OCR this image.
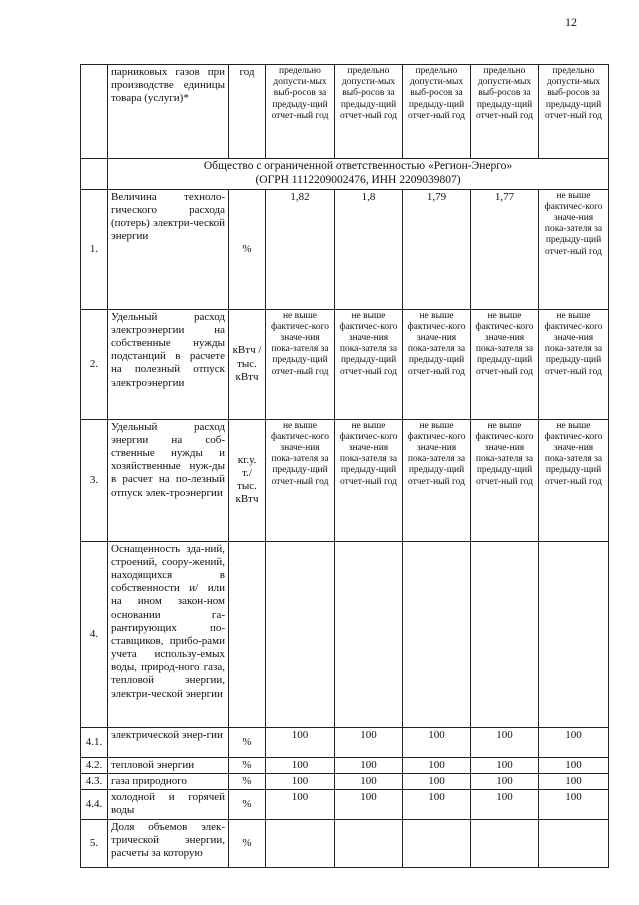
12
	парниковых газов при производстве единицы товара (услуги)*	год	предельно допусти-мых выб-росов за предыду-щий отчет-ный год	предельно допусти-мых выб-росов за предыду-щий отчет-ный год	предельно допусти-мых выб-росов за предыду-щий отчет-ный год	предельно допусти-мых выб-росов за предыду-щий отчет-ный год	предельно допусти-мых выб-росов за предыду-щий отчет-ный год

	Общество с ограниченной ответственностью «Регион-Энерго»
(ОГРН 1112209002476, ИНН 2209039807)						

1.	Величина техноло-гического расхода (потерь) электри-ческой энергии	%	1,82	1,8	1,79	1,77	не выше фактичес-кого значе-ния пока-зателя за предыду-щий отчет-ный год
2.	Удельный расход электроэнергии на собственные нужды подстанций в расчете на полезный отпуск электроэнергии	кВтч / тыс. кВтч	не выше фактичес-кого значе-ния пока-зателя за предыду-щий отчет-ный год	не выше фактичес-кого значе-ния пока-зателя за предыду-щий отчет-ный год	не выше фактичес-кого значе-ния пока-зателя за предыду-щий отчет-ный год	не выше фактичес-кого значе-ния пока-зателя за предыду-щий отчет-ный год	не выше фактичес-кого значе-ния пока-зателя за предыду-щий отчет-ный год
3.	Удельный расход энергии на соб-ственные нужды и хозяйственные нуж-ды в расчет на по-лезный отпуск элек-троэнергии	кг.у. т./ тыс. кВтч	не выше фактичес-кого значе-ния пока-зателя за предыду-щий отчет-ный год	не выше фактичес-кого значе-ния пока-зателя за предыду-щий отчет-ный год	не выше фактичес-кого значе-ния пока-зателя за предыду-щий отчет-ный год	не выше фактичес-кого значе-ния пока-зателя за предыду-щий отчет-ный год	не выше фактичес-кого значе-ния пока-зателя за предыду-щий отчет-ный год
4.	Оснащенность зда-ний, строений, соору-жений, находящихся в собственности и/ или на ином закон-ном основании га-рантирующих по-ставщиков, прибо-рами учета использу-емых воды, природ-ного газа, тепловой энергии, электри-ческой энергии						
4.1.	электрической энер-гии	%	100	100	100	100	100
4.2.	тепловой энергии	%	100	100	100	100	100
4.3.	газа природного	%	100	100	100	100	100
4.4.	холодной и горячей воды	%	100	100	100	100	100
5.	Доля объемов элек-трической энергии, расчеты за которую	%					
